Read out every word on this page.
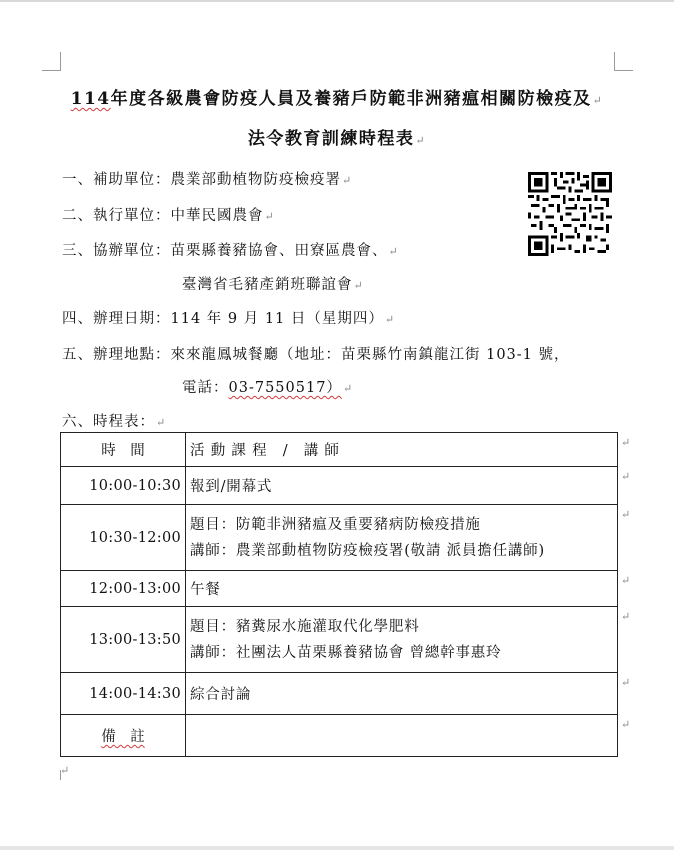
114年度各級農會防疫人員及養豬戶防範非洲豬瘟相關防檢疫及↵
法令教育訓練時程表↵
一、補助單位：農業部動植物防疫檢疫署↵
二、執行單位：中華民國農會↵
三、協辦單位：苗栗縣養豬協會、田寮區農會、↵
臺灣省毛豬產銷班聯誼會↵
四、辦理日期：114 年 9 月 11 日（星期四）↵
五、辦理地點：來來龍鳳城餐廳（地址：苗栗縣竹南鎮龍江街 103-1 號，
電話：03-7550517）↵
六、時程表：↵
時　間	活 動 課 程　/　講 師
10:00-10:30	報到/開幕式
10:30-12:00	題目：防範非洲豬瘟及重要豬病防檢疫措施
講師：農業部動植物防疫檢疫署(敬請 派員擔任講師)

12:00-13:00	午餐
13:00-13:50	題目：豬糞尿水施灌取代化學肥料
講師：社團法人苗栗縣養豬協會 曾總幹事惠玲

14:00-14:30	綜合討論
備　註	
↵
↵
↵
↵
↵
↵
↵
↵
